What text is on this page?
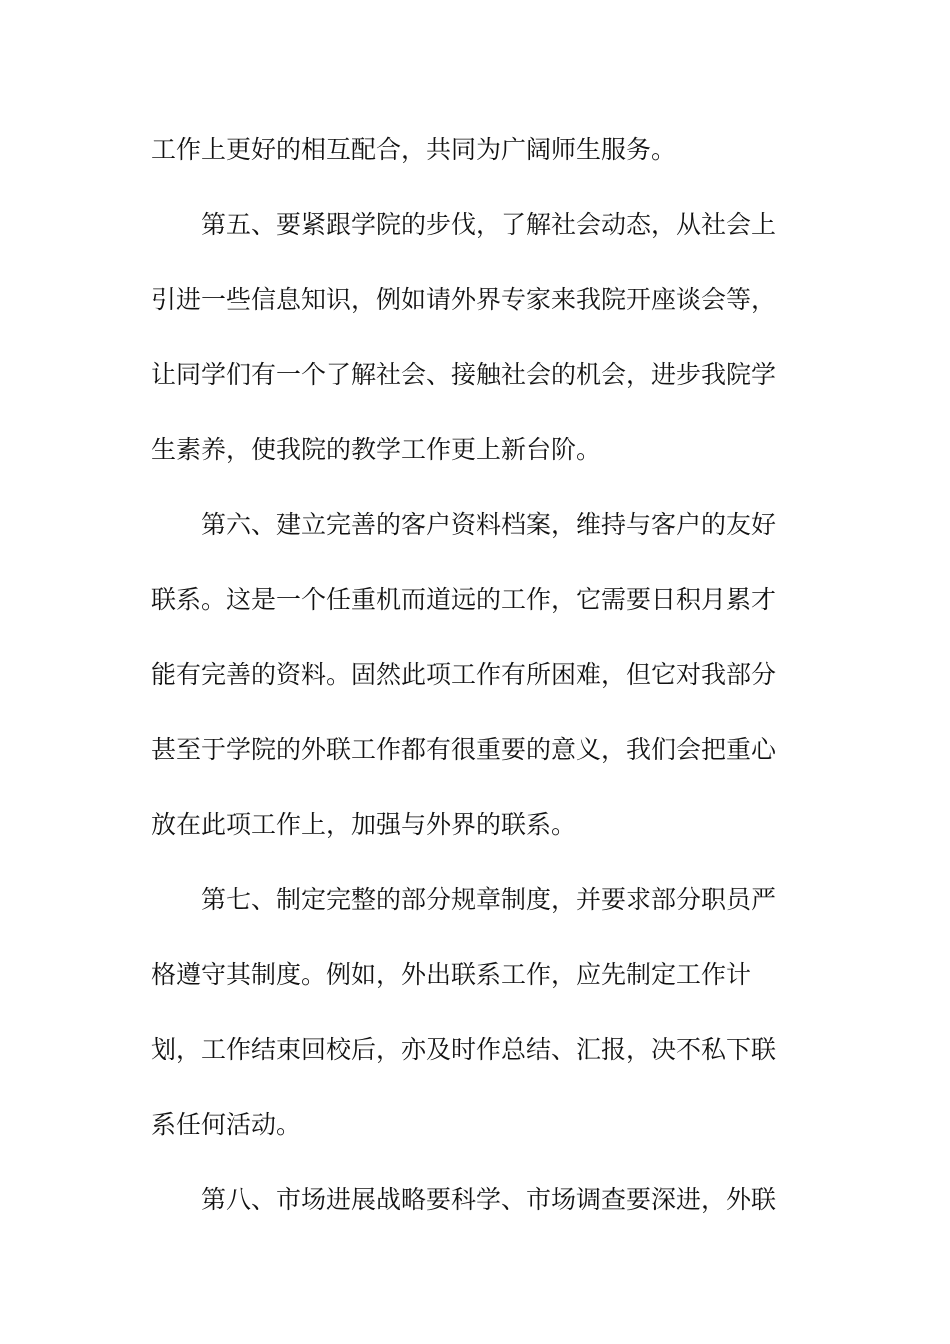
工作上更好的相互配合，共同为广阔师生服务。
第五、要紧跟学院的步伐，了解社会动态，从社会上
引进一些信息知识，例如请外界专家来我院开座谈会等，
让同学们有一个了解社会、接触社会的机会，进步我院学
生素养，使我院的教学工作更上新台阶。
第六、建立完善的客户资料档案，维持与客户的友好
联系。这是一个任重机而道远的工作，它需要日积月累才
能有完善的资料。固然此项工作有所困难，但它对我部分
甚至于学院的外联工作都有很重要的意义，我们会把重心
放在此项工作上，加强与外界的联系。
第七、制定完整的部分规章制度，并要求部分职员严
格遵守其制度。例如，外出联系工作，应先制定工作计
划，工作结束回校后，亦及时作总结、汇报，决不私下联
系任何活动。
第八、市场进展战略要科学、市场调查要深进，外联
